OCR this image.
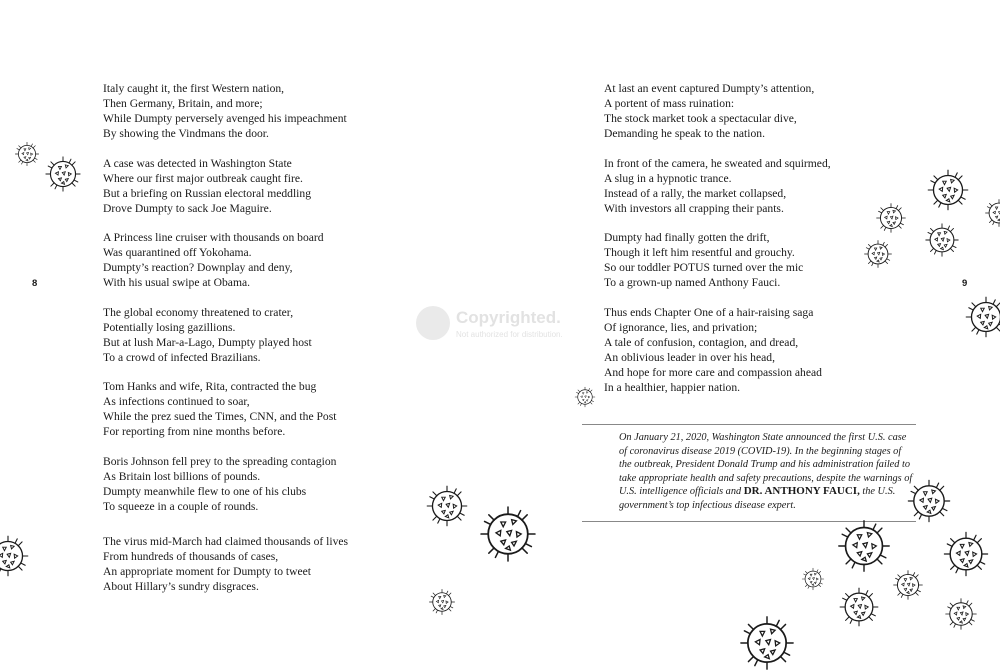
Italy caught it, the first Western nation,
Then Germany, Britain, and more;
While Dumpty perversely avenged his impeachment
By showing the Vindmans the door.
A case was detected in Washington State
Where our first major outbreak caught fire.
But a briefing on Russian electoral meddling
Drove Dumpty to sack Joe Maguire.
A Princess line cruiser with thousands on board
Was quarantined off Yokohama.
Dumpty’s reaction? Downplay and deny,
With his usual swipe at Obama.
The global economy threatened to crater,
Potentially losing gazillions.
But at lush Mar-a-Lago, Dumpty played host
To a crowd of infected Brazilians.
Tom Hanks and wife, Rita, contracted the bug
As infections continued to soar,
While the prez sued the Times, CNN, and the Post
For reporting from nine months before.
Boris Johnson fell prey to the spreading contagion
As Britain lost billions of pounds.
Dumpty meanwhile flew to one of his clubs
To squeeze in a couple of rounds.
The virus mid-March had claimed thousands of lives
From hundreds of thousands of cases,
An appropriate moment for Dumpty to tweet
About Hillary’s sundry disgraces.
8
At last an event captured Dumpty’s attention,
A portent of mass ruination:
The stock market took a spectacular dive,
Demanding he speak to the nation.
In front of the camera, he sweated and squirmed,
A slug in a hypnotic trance.
Instead of a rally, the market collapsed,
With investors all crapping their pants.
Dumpty had finally gotten the drift,
Though it left him resentful and grouchy.
So our toddler POTUS turned over the mic
To a grown-up named Anthony Fauci.
Thus ends Chapter One of a hair-raising saga
Of ignorance, lies, and privation;
A tale of confusion, contagion, and dread,
An oblivious leader in over his head,
And hope for more care and compassion ahead
In a healthier, happier nation.

On January 21, 2020, Washington State announced the first U.S. case of coronavirus disease 2019 (COVID-19). In the beginning stages of the outbreak, President Donald Trump and his administration failed to take appropriate health and safety precautions, despite the warnings of U.S. intelligence officials and DR. ANTHONY FAUCI, the U.S. government’s top infectious disease expert.

9
Copyrighted.
Not authorized for distribution.
